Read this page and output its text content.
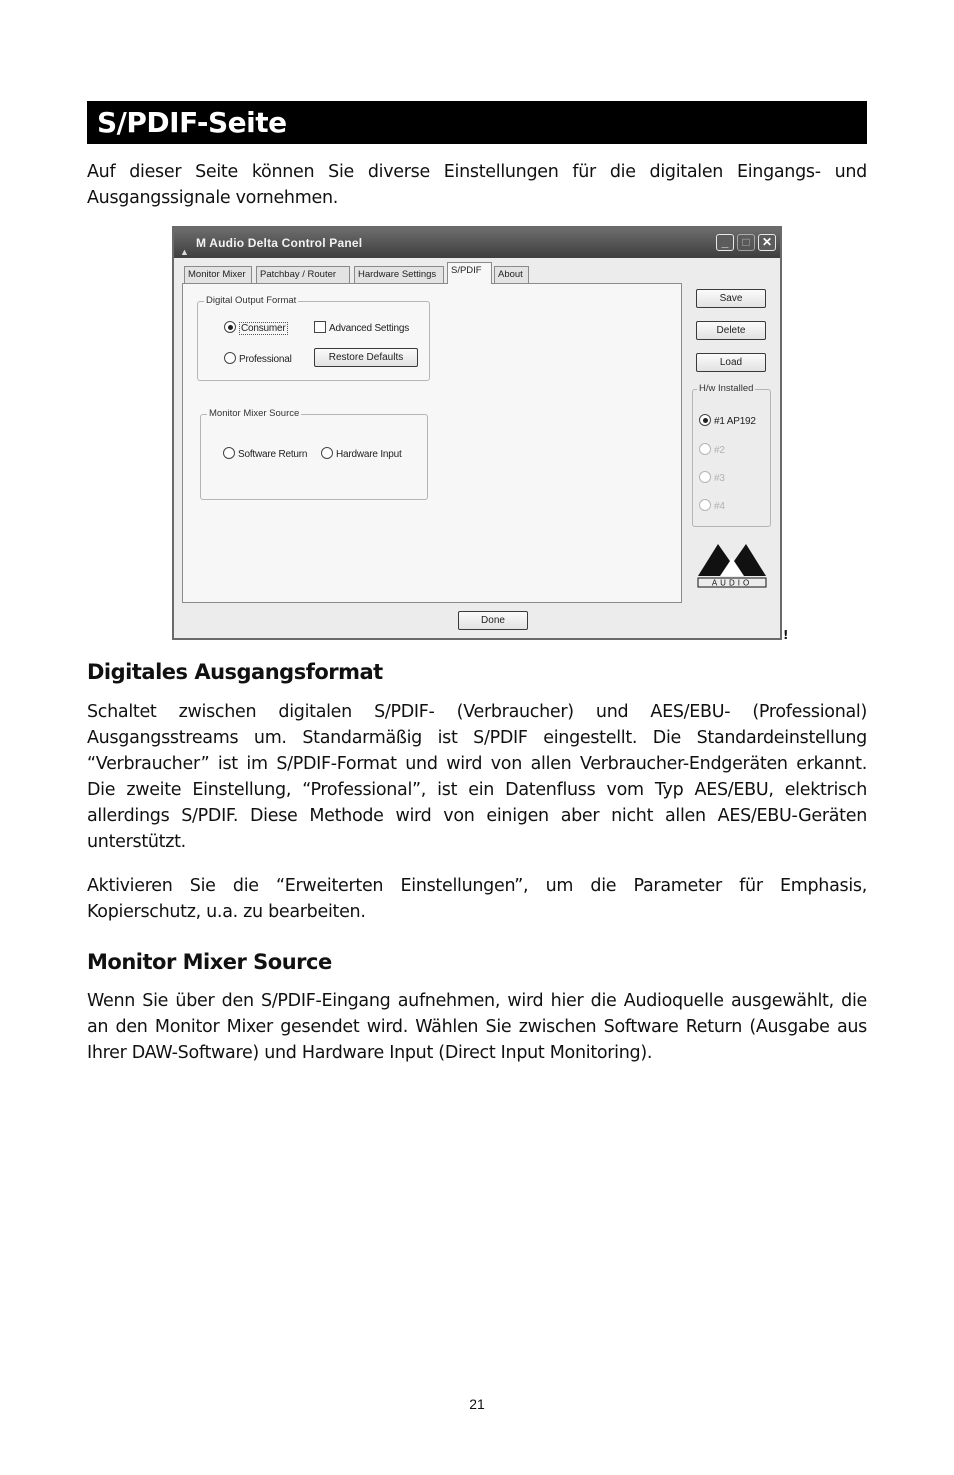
S/PDIF-Seite

Auf dieser Seite können Sie diverse Einstellungen für die digitalen Eingangs- und Ausgangssignale vornehmen.

▲
M Audio Delta Control Panel	_	□	✕
Monitor Mixer	Patchbay / Router	Hardware Settings	S/PDIF	About
Digital Output Format
Consumer	Advanced Settings
Professional	Restore Defaults
Monitor Mixer Source
Software Return	Hardware Input
Save
Delete
Load
H/w Installed
#1 AP192
#2
#3
#4
AUDIO
Done
!
Digitales Ausgangsformat

Schaltet zwischen digitalen S/PDIF- (Verbraucher) und AES/EBU- (Professional) Ausgangsstreams um. Standarmäßig ist S/PDIF eingestellt. Die Standardeinstellung “Verbraucher” ist im S/PDIF-Format und wird von allen Verbraucher-Endgeräten erkannt. Die zweite Einstellung, “Professional”, ist ein Datenfluss vom Typ AES/EBU, elektrisch allerdings S/PDIF. Diese Methode wird von einigen aber nicht allen AES/EBU-Geräten unterstützt.

Aktivieren Sie die “Erweiterten Einstellungen”, um die Parameter für Emphasis, Kopierschutz, u.a. zu bearbeiten.

Monitor Mixer Source

Wenn Sie über den S/PDIF-Eingang aufnehmen, wird hier die Audioquelle ausgewählt, die an den Monitor Mixer gesendet wird. Wählen Sie zwischen Software Return (Ausgabe aus Ihrer DAW-Software) und Hardware Input (Direct Input Monitoring).

21
